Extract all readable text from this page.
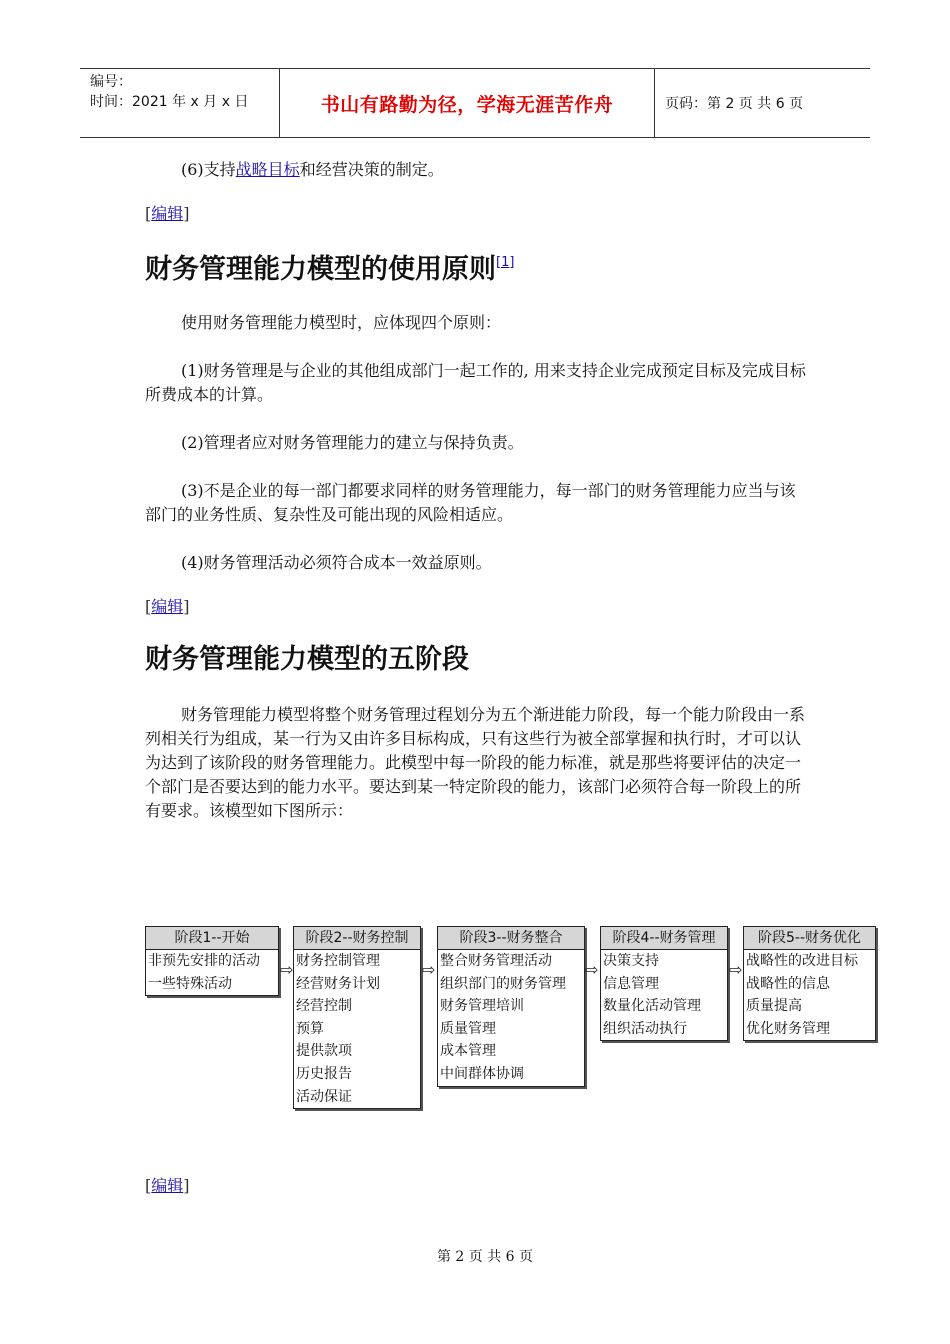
编号：
时间：2021 年 x 月 x 日	书山有路勤为径，学海无涯苦作舟	页码：第 2 页 共 6 页

(6)支持战略目标和经营决策的制定。

[编辑]
财务管理能力模型的使用原则[1]

使用财务管理能力模型时，应体现四个原则：

(1)财务管理是与企业的其他组成部门一起工作的, 用来支持企业完成预定目标及完成目标所费成本的计算。

(2)管理者应对财务管理能力的建立与保持负责。

(3)不是企业的每一部门都要求同样的财务管理能力，每一部门的财务管理能力应当与该部门的业务性质、复杂性及可能出现的风险相适应。

(4)财务管理活动必须符合成本一效益原则。

[编辑]
财务管理能力模型的五阶段

财务管理能力模型将整个财务管理过程划分为五个渐进能力阶段，每一个能力阶段由一系列相关行为组成，某一行为又由许多目标构成，只有这些行为被全部掌握和执行时，才可以认为达到了该阶段的财务管理能力。此模型中每一阶段的能力标准，就是那些将要评估的决定一个部门是否要达到的能力水平。要达到某一特定阶段的能力，该部门必须符合每一阶段上的所有要求。该模型如下图所示：

阶段1--开始
非预先安排的活动
一些特殊活动
⇨
阶段2--财务控制
财务控制管理
经营财务计划
经营控制
预算
提供款项
历史报告
活动保证
⇨
阶段3--财务整合
整合财务管理活动
组织部门的财务管理
财务管理培训
质量管理
成本管理
中间群体协调
⇨
阶段4--财务管理
决策支持
信息管理
数量化活动管理
组织活动执行
⇨
阶段5--财务优化
战略性的改进目标
战略性的信息
质量提高
优化财务管理
[编辑]
第 2 页 共 6 页
